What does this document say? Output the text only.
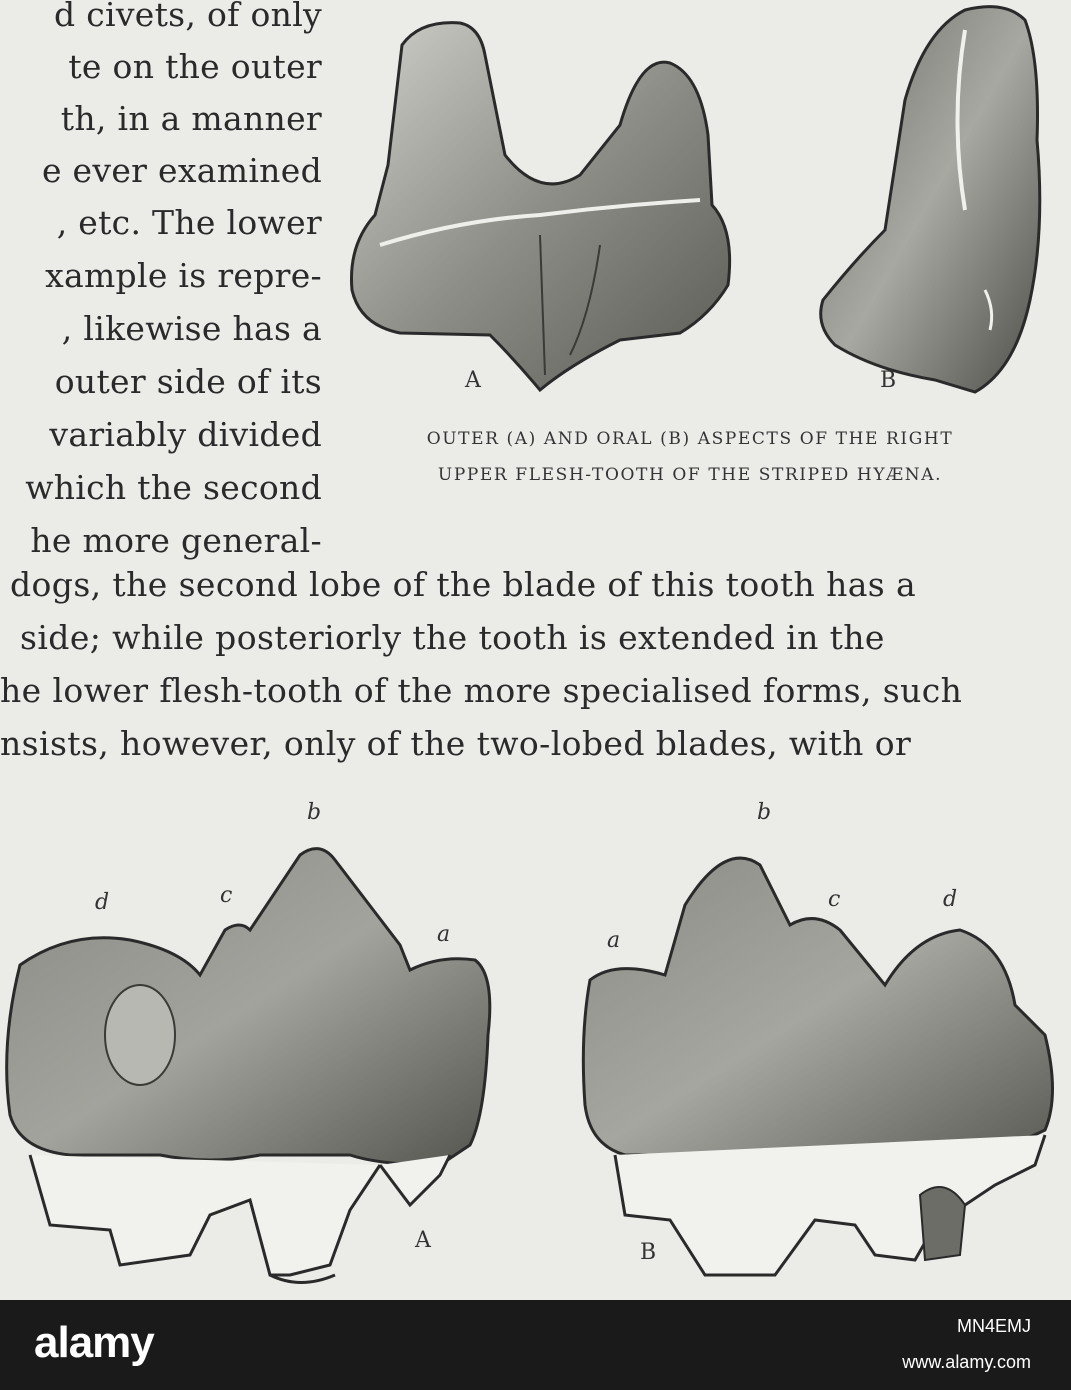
d civets, of only
te on the outer
th, in a manner
e ever examined
, etc. The lower
xample is repre-
, likewise has a
outer side of its
variably divided
which the second
he more general-
A	B
OUTER (A) AND ORAL (B) ASPECTS OF THE RIGHT
UPPER FLESH-TOOTH OF THE STRIPED HYÆNA.
dogs, the second lobe of the blade of this tooth has a
side; while posteriorly the tooth is extended in the
he lower flesh-tooth of the more specialised forms, such
nsists, however, only of the two-lobed blades, with or
d	c
b
a
A
a
b
c	d
B
alamy	MN4EMJ
www.alamy.com
